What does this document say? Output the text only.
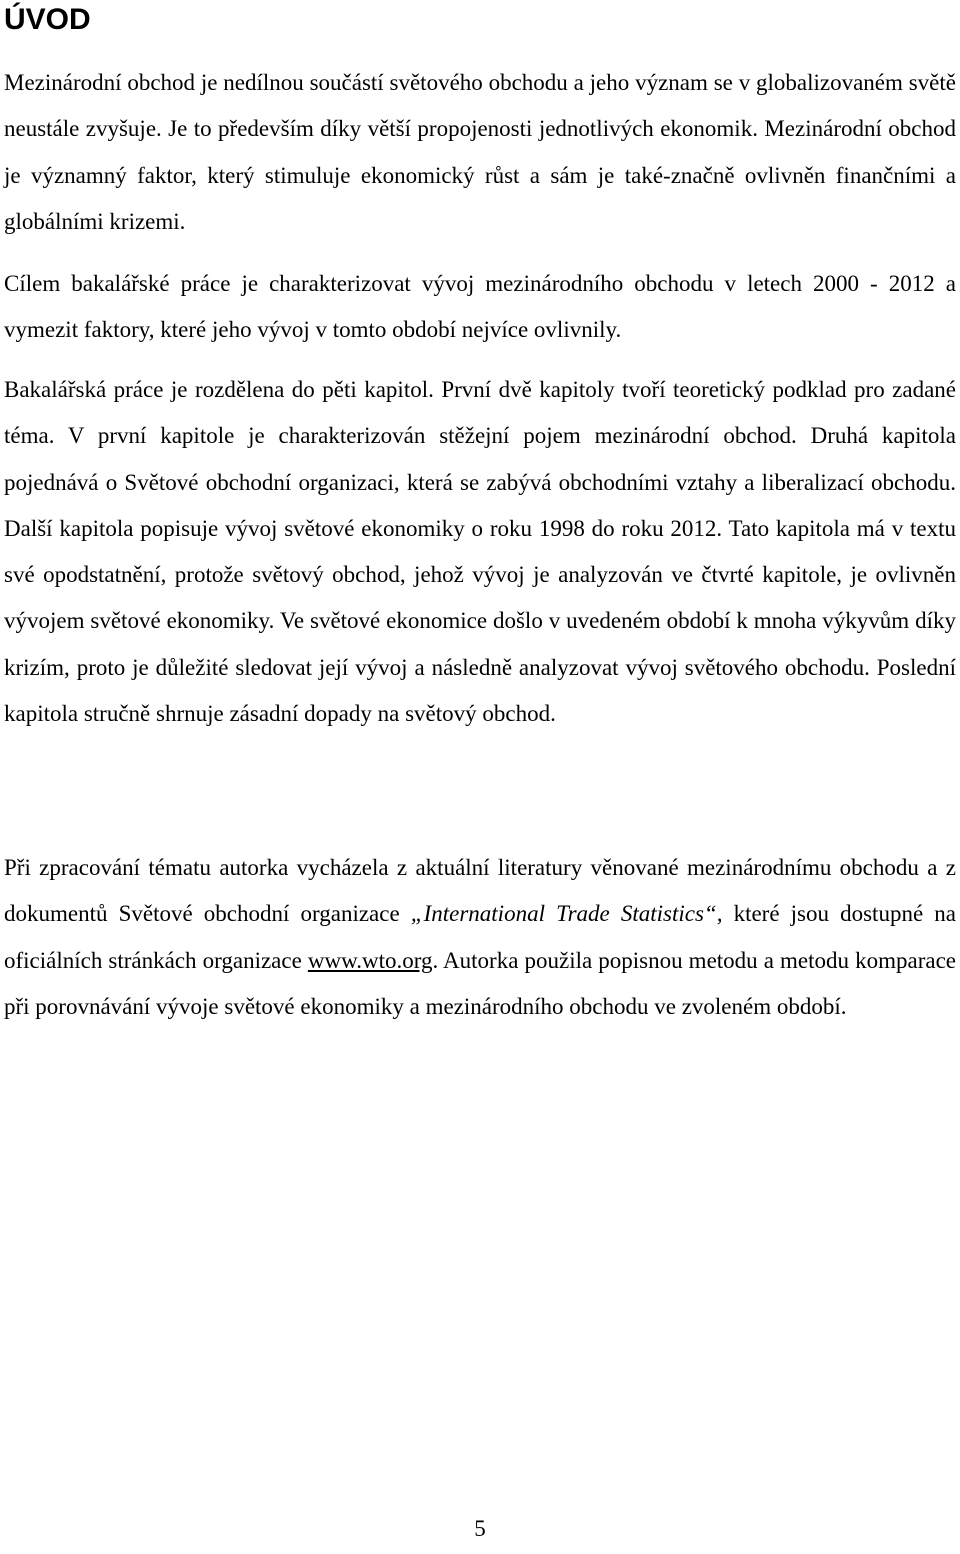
ÚVOD

Mezinárodní obchod je nedílnou součástí světového obchodu a jeho význam se v globalizovaném světě neustále zvyšuje. Je to především díky větší propojenosti jednotlivých ekonomik. Mezinárodní obchod je významný faktor, který stimuluje ekonomický růst a sám je také-značně ovlivněn finančními a globálními krizemi.

Cílem bakalářské práce je charakterizovat vývoj mezinárodního obchodu v letech 2000 - 2012 a vymezit faktory, které jeho vývoj v tomto období nejvíce ovlivnily.

Bakalářská práce je rozdělena do pěti kapitol. První dvě kapitoly tvoří teoretický podklad pro zadané téma. V první kapitole je charakterizován stěžejní pojem mezinárodní obchod. Druhá kapitola pojednává o Světové obchodní organizaci, která se zabývá obchodními vztahy a liberalizací obchodu. Další kapitola popisuje vývoj světové ekonomiky o roku 1998 do roku 2012. Tato kapitola má v textu své opodstatnění, protože světový obchod, jehož vývoj je analyzován ve čtvrté kapitole, je ovlivněn vývojem světové ekonomiky. Ve světové ekonomice došlo v uvedeném období k mnoha výkyvům díky krizím, proto je důležité sledovat její vývoj a následně analyzovat vývoj světového obchodu. Poslední kapitola stručně shrnuje zásadní dopady na světový obchod.

Při zpracování tématu autorka vycházela z aktuální literatury věnované mezinárodnímu obchodu a z dokumentů Světové obchodní organizace „International Trade Statistics“, které jsou dostupné na oficiálních stránkách organizace www.wto.org. Autorka použila popisnou metodu a metodu komparace při porovnávání vývoje světové ekonomiky a mezinárodního obchodu ve zvoleném období.

5
